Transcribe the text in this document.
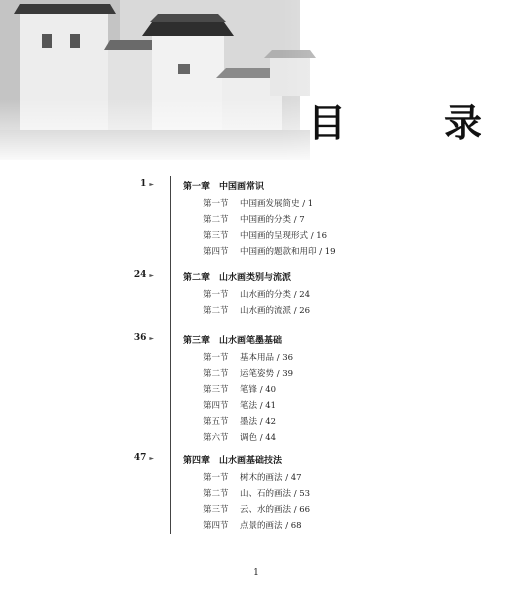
目　录
1 ►	第一章　中国画常识
第一节 中国画发展简史 / 1
第二节 中国画的分类 / 7
第三节 中国画的呈现形式 / 16
第四节 中国画的题款和用印 / 19
24 ►	第二章　山水画类别与流派
第一节 山水画的分类 / 24
第二节 山水画的流派 / 26
36 ►	第三章　山水画笔墨基础
第一节 基本用品 / 36
第二节 运笔姿势 / 39
第三节 笔锋 / 40
第四节 笔法 / 41
第五节 墨法 / 42
第六节 调色 / 44
47 ►	第四章　山水画基础技法
第一节 树木的画法 / 47
第二节 山、石的画法 / 53
第三节 云、水的画法 / 66
第四节 点景的画法 / 68
1
